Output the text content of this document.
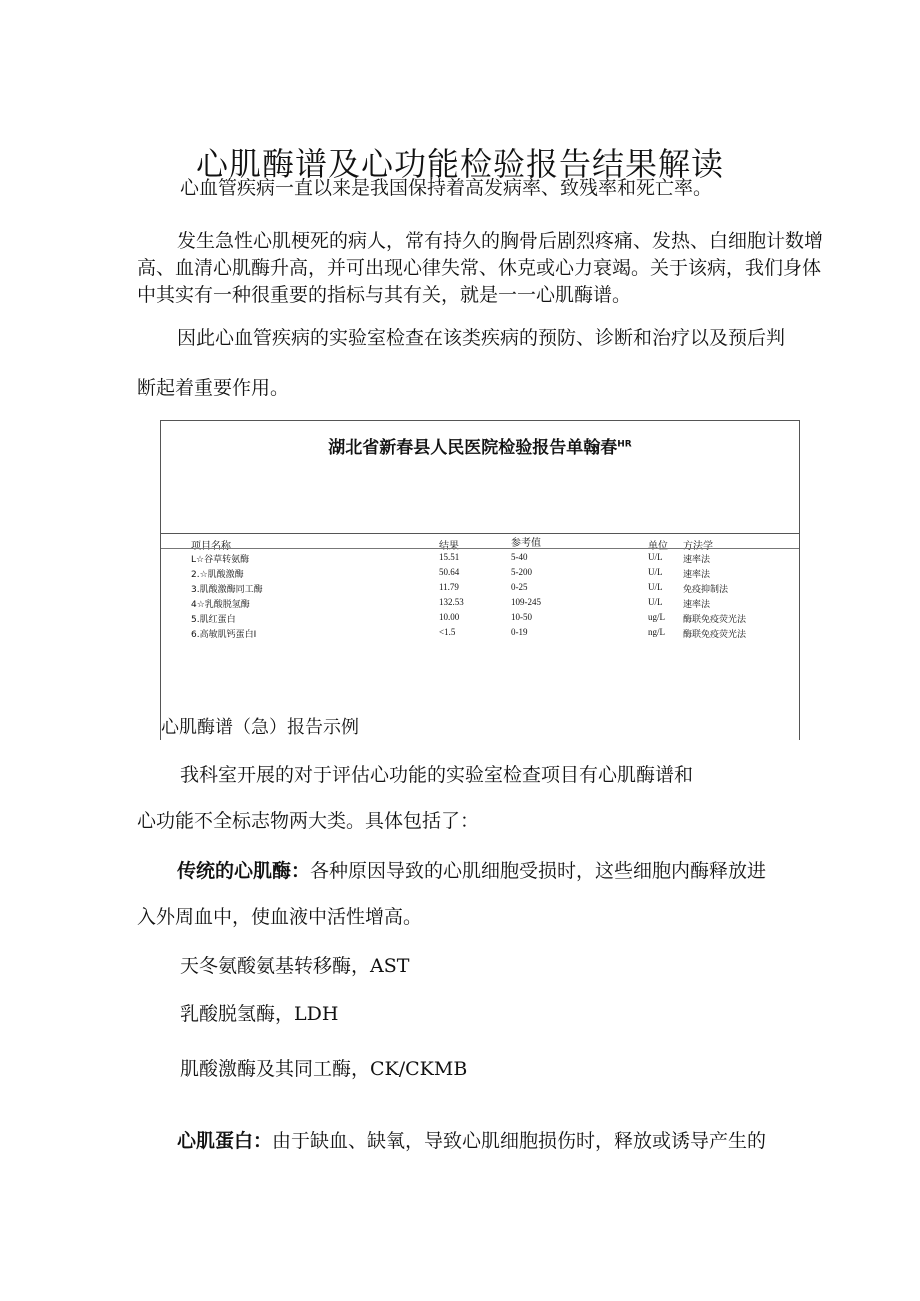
心肌酶谱及心功能检验报告结果解读

心血管疾病一直以来是我国保持着高发病率、致残率和死亡率。

发生急性心肌梗死的病人，常有持久的胸骨后剧烈疼痛、发热、白细胞计数增高、血清心肌酶升高，并可出现心律失常、休克或心力衰竭。关于该病，我们身体中其实有一种很重要的指标与其有关，就是一一心肌酶谱。

因此心血管疾病的实验室检查在该类疾病的预防、诊断和治疗以及预后判

断起着重要作用。

湖北省新春县人民医院检验报告单翰春$^{HR}$
项目名称	结果	参考值	单位 方法学
L☆谷草转氨酶	15.51	5-40	U/L 速率法
2.☆肌酸激酶	50.64	5-200	U/L 速率法
3.肌酸激酶同工酶	11.79	0-25	U/L 免疫抑制法
4☆乳酸脱氢酶	132.53	109-245	U/L 速率法
5.肌红蛋白	10.00	10-50	ug/L 酶联免疫荧光法
6.高敏肌钙蛋白I	<1.5	0-19	ng/L 酶联免疫荧光法
心肌酶谱（急）报告示例

我科室开展的对于评估心功能的实验室检查项目有心肌酶谱和

心功能不全标志物两大类。具体包括了：

传统的心肌酶：各种原因导致的心肌细胞受损时，这些细胞内酶释放进

入外周血中，使血液中活性增高。

天冬氨酸氨基转移酶，AST

乳酸脱氢酶，LDH

肌酸激酶及其同工酶，CK/CKMB

心肌蛋白：由于缺血、缺氧，导致心肌细胞损伤时，释放或诱导产生的
